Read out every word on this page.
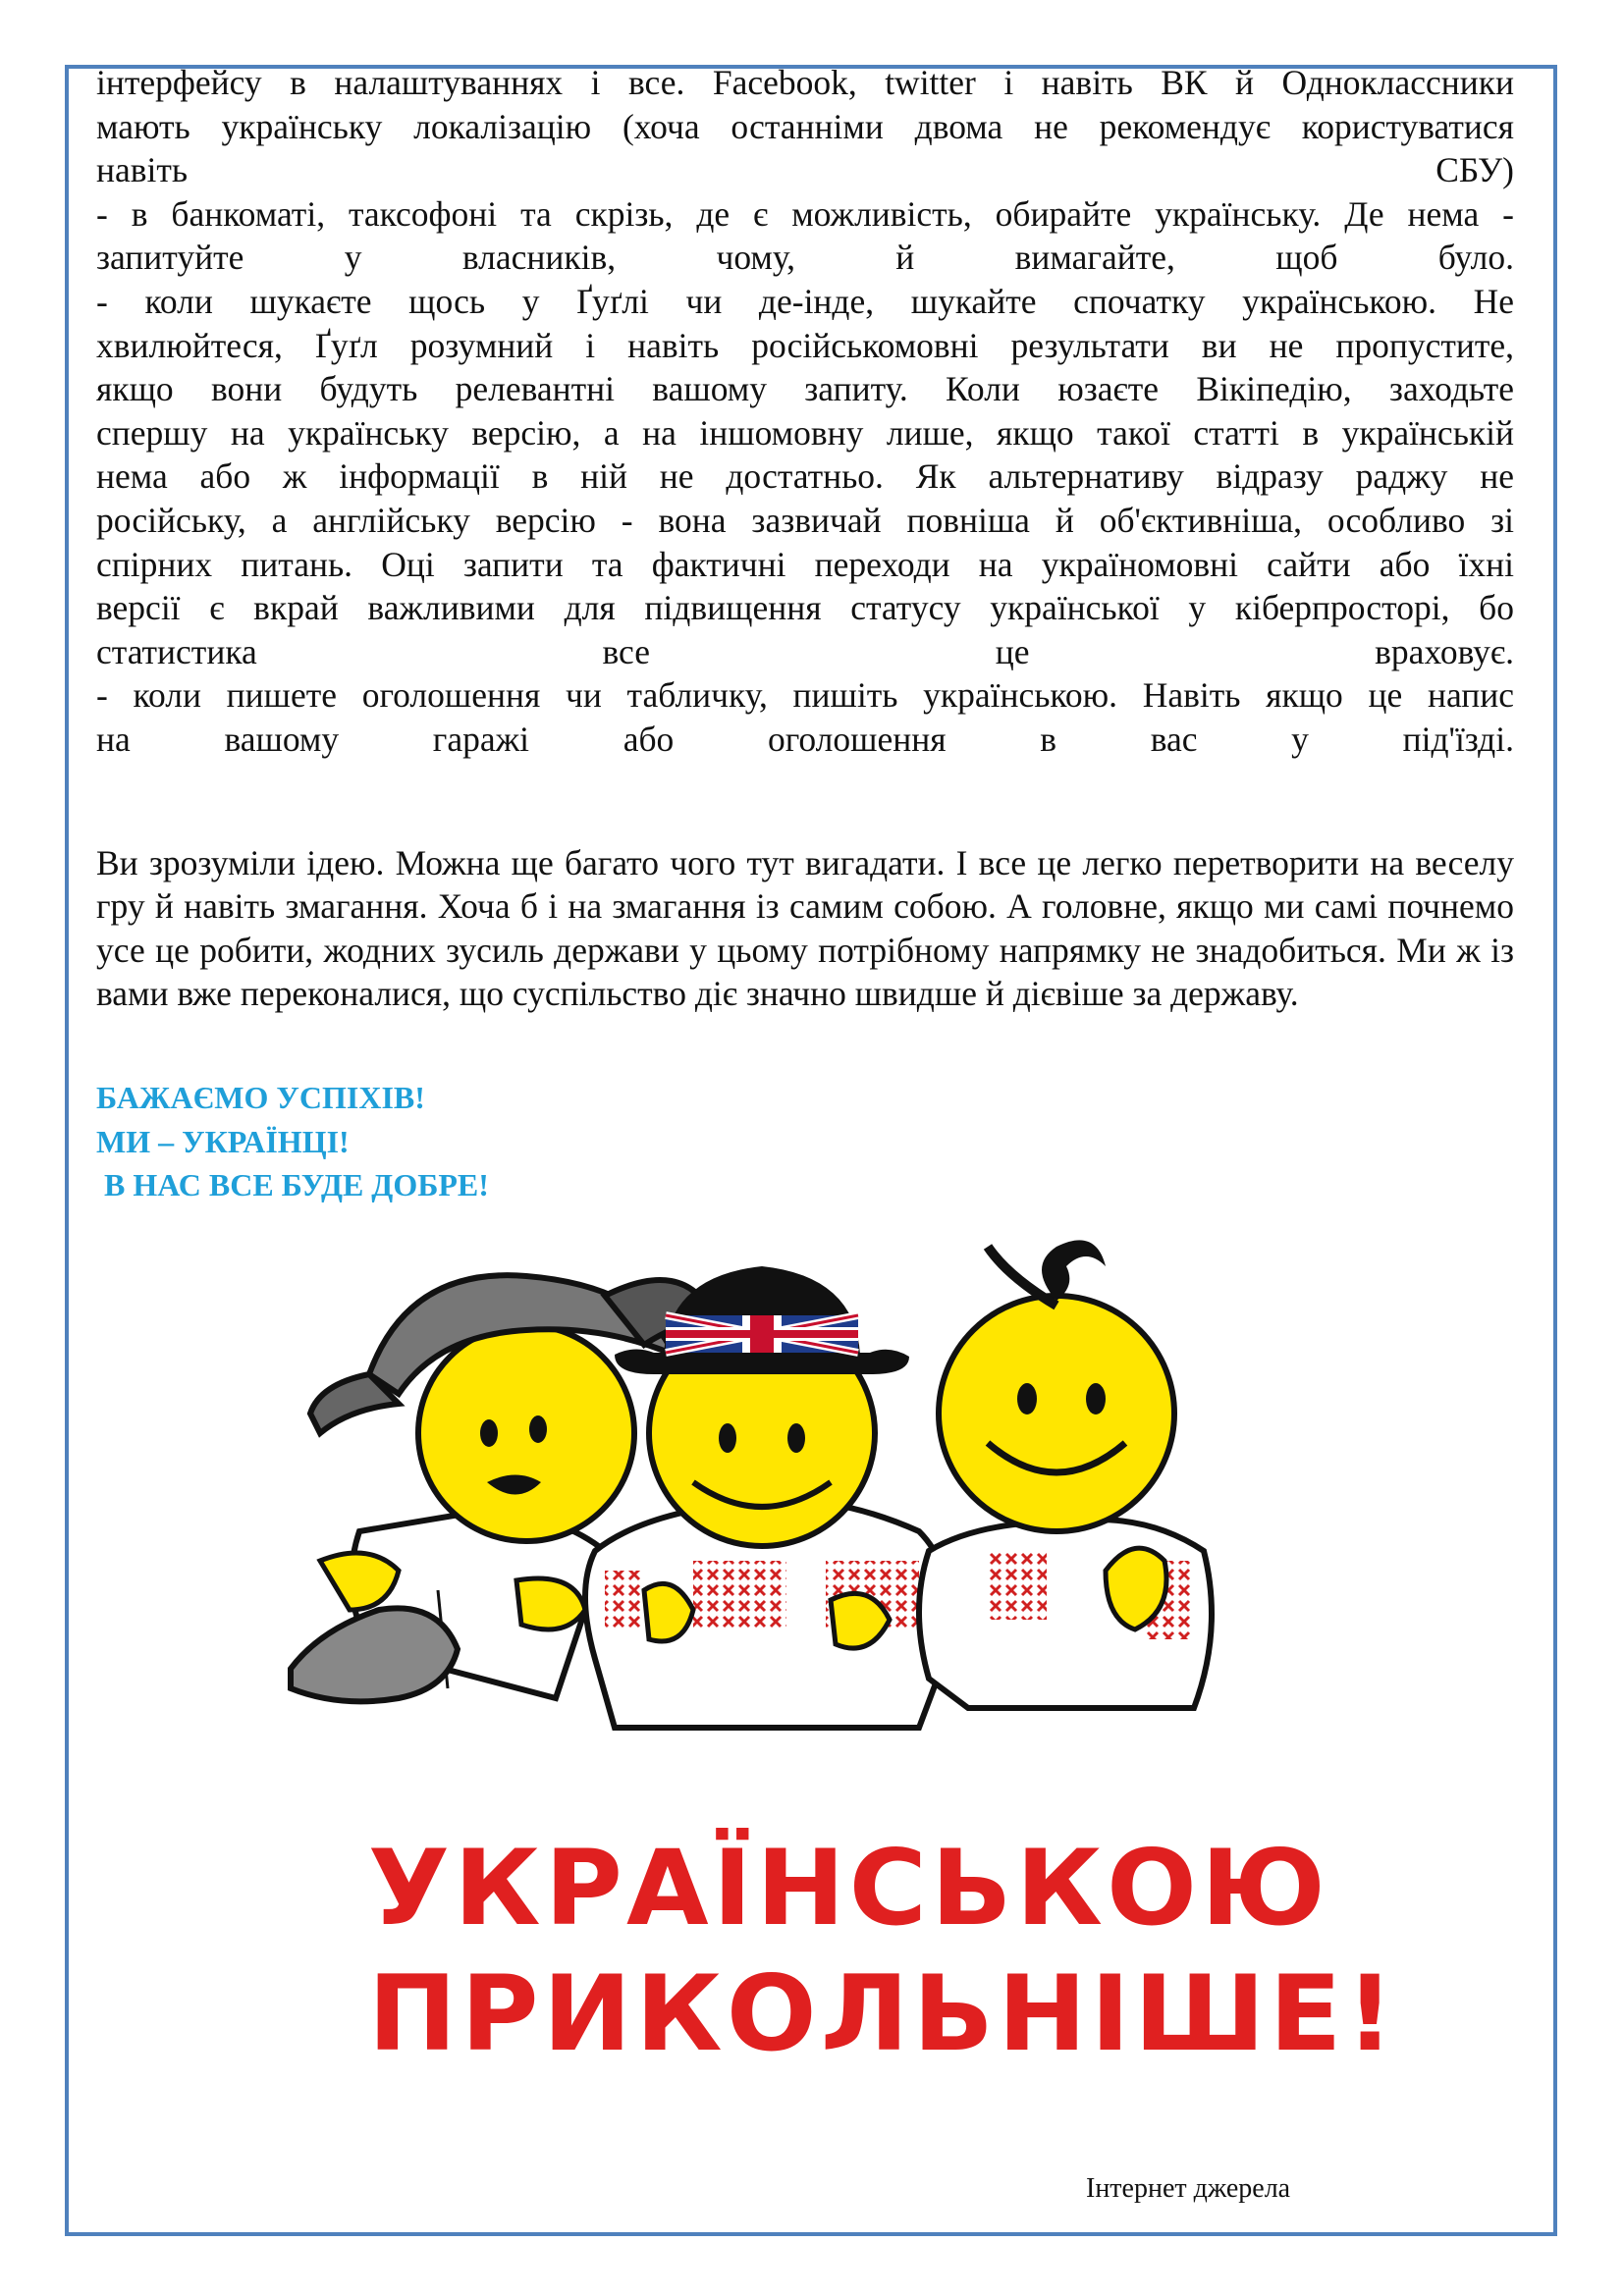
інтерфейсу в налаштуваннях і все. Facebook, twitter і навіть ВК й Одноклассники

мають українську локалізацію (хоча останніми двома не рекомендує користуватися

навіть СБУ)

- в банкоматі, таксофоні та скрізь, де є можливість, обирайте українську. Де нема -

запитуйте у власників, чому, й вимагайте, щоб було.

- коли шукаєте щось у Ґуґлі чи де-інде, шукайте спочатку українською. Не

хвилюйтеся, Ґуґл розумний і навіть російськомовні результати ви не пропустите,

якщо вони будуть релевантні вашому запиту. Коли юзаєте Вікіпедію, заходьте

спершу на українську версію, а на іншомовну лише, якщо такої статті в українській

нема або ж інформації в ній не достатньо. Як альтернативу відразу раджу не

російську, а англійську версію - вона зазвичай повніша й об'єктивніша, особливо зі

спірних питань. Оці запити та фактичні переходи на україномовні сайти або їхні

версії є вкрай важливими для підвищення статусу української у кіберпросторі, бо

статистика все це враховує.

- коли пишете оголошення чи табличку, пишіть українською. Навіть якщо це напис

на вашому гаражі або оголошення в вас у під'їзді.

Ви зрозуміли ідею. Можна ще багато чого тут вигадати. І все це легко перетворити на веселу гру й навіть змагання. Хоча б і на змагання із самим собою. А головне, якщо ми самі почнемо усе це робити, жодних зусиль держави у цьому потрібному напрямку не знадобиться. Ми ж із вами вже переконалися, що суспільство діє значно швидше й дієвіше за державу.

БАЖАЄМО УСПІХІВ!
МИ – УКРАЇНЦІ!
В НАС ВСЕ БУДЕ ДОБРЕ!
УКРАЇНСЬКОЮ
ПРИКОЛЬНІШЕ!
Інтернет джерела
